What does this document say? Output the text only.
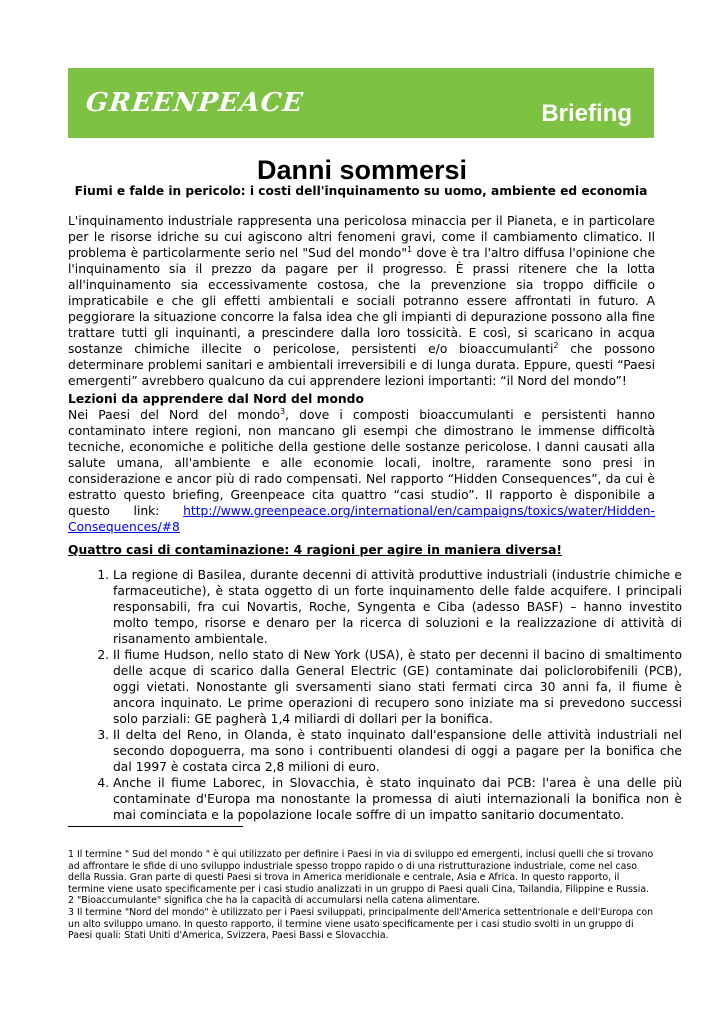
GREENPEACE	Briefing
Danni sommersi
Fiumi e falde in pericolo: i costi dell'inquinamento su uomo, ambiente ed economia

L'inquinamento industriale rappresenta una pericolosa minaccia per il Pianeta, e in particolare per le risorse idriche su cui agiscono altri fenomeni gravi, come il cambiamento climatico. Il problema è particolarmente serio nel "Sud del mondo"$^1$ dove è tra l'altro diffusa l'opinione che l'inquinamento sia il prezzo da pagare per il progresso. È prassi ritenere che la lotta all'inquinamento sia eccessivamente costosa, che la prevenzione sia troppo difficile o impraticabile e che gli effetti ambientali e sociali potranno essere affrontati in futuro. A peggiorare la situazione concorre la falsa idea che gli impianti di depurazione possono alla fine trattare tutti gli inquinanti, a prescindere dalla loro tossicità. E così, si scaricano in acqua sostanze chimiche illecite o pericolose, persistenti e/o bioaccumulanti$^2$ che possono determinare problemi sanitari e ambientali irreversibili e di lunga durata. Eppure, questi “Paesi emergenti” avrebbero qualcuno da cui apprendere lezioni importanti: “il Nord del mondo”!

Lezioni da apprendere dal Nord del mondo

Nei Paesi del Nord del mondo$^3$, dove i composti bioaccumulanti e persistenti hanno contaminato intere regioni, non mancano gli esempi che dimostrano le immense difficoltà tecniche, economiche e politiche della gestione delle sostanze pericolose. I danni causati alla salute umana, all'ambiente e alle economie locali, inoltre, raramente sono presi in considerazione e ancor più di rado compensati. Nel rapporto “Hidden Consequences”, da cui è estratto questo briefing, Greenpeace cita quattro “casi studio”. Il rapporto è disponibile a questo link: http://www.greenpeace.org/international/en/campaigns/toxics/water/Hidden-Consequences/#8

Quattro casi di contaminazione: 4 ragioni per agire in maniera diversa!
1. La regione di Basilea, durante decenni di attività produttive industriali (industrie chimiche e farmaceutiche), è stata oggetto di un forte inquinamento delle falde acquifere. I principali responsabili, fra cui Novartis, Roche, Syngenta e Ciba (adesso BASF) – hanno investito molto tempo, risorse e denaro per la ricerca di soluzioni e la realizzazione di attività di risanamento ambientale.
2. Il fiume Hudson, nello stato di New York (USA), è stato per decenni il bacino di smaltimento delle acque di scarico dalla General Electric (GE) contaminate dai policlorobifenili (PCB), oggi vietati. Nonostante gli sversamenti siano stati fermati circa 30 anni fa, il fiume è ancora inquinato. Le prime operazioni di recupero sono iniziate ma si prevedono successi solo parziali: GE pagherà 1,4 miliardi di dollari per la bonifica.
3. Il delta del Reno, in Olanda, è stato inquinato dall'espansione delle attività industriali nel secondo dopoguerra, ma sono i contribuenti olandesi di oggi a pagare per la bonifica che dal 1997 è costata circa 2,8 milioni di euro.
4. Anche il fiume Laborec, in Slovacchia, è stato inquinato dai PCB: l'area è una delle più contaminate d'Europa ma nonostante la promessa di aiuti internazionali la bonifica non è mai cominciata e la popolazione locale soffre di un impatto sanitario documentato.

1 Il termine " Sud del mondo " è qui utilizzato per definire i Paesi in via di sviluppo ed emergenti, inclusi quelli che si trovano ad affrontare le sfide di uno sviluppo industriale spesso troppo rapido o di una ristrutturazione industriale, come nel caso della Russia. Gran parte di questi Paesi si trova in America meridionale e centrale, Asia e Africa. In questo rapporto, il termine viene usato specificamente per i casi studio analizzati in un gruppo di Paesi quali Cina, Tailandia, Filippine e Russia.

2 "Bioaccumulante" significa che ha la capacità di accumularsi nella catena alimentare.

3 Il termine "Nord del mondo" è utilizzato per i Paesi sviluppati, principalmente dell'America settentrionale e dell'Europa con un alto sviluppo umano. In questo rapporto, il termine viene usato specificamente per i casi studio svolti in un gruppo di Paesi quali: Stati Uniti d'America, Svizzera, Paesi Bassi e Slovacchia.
